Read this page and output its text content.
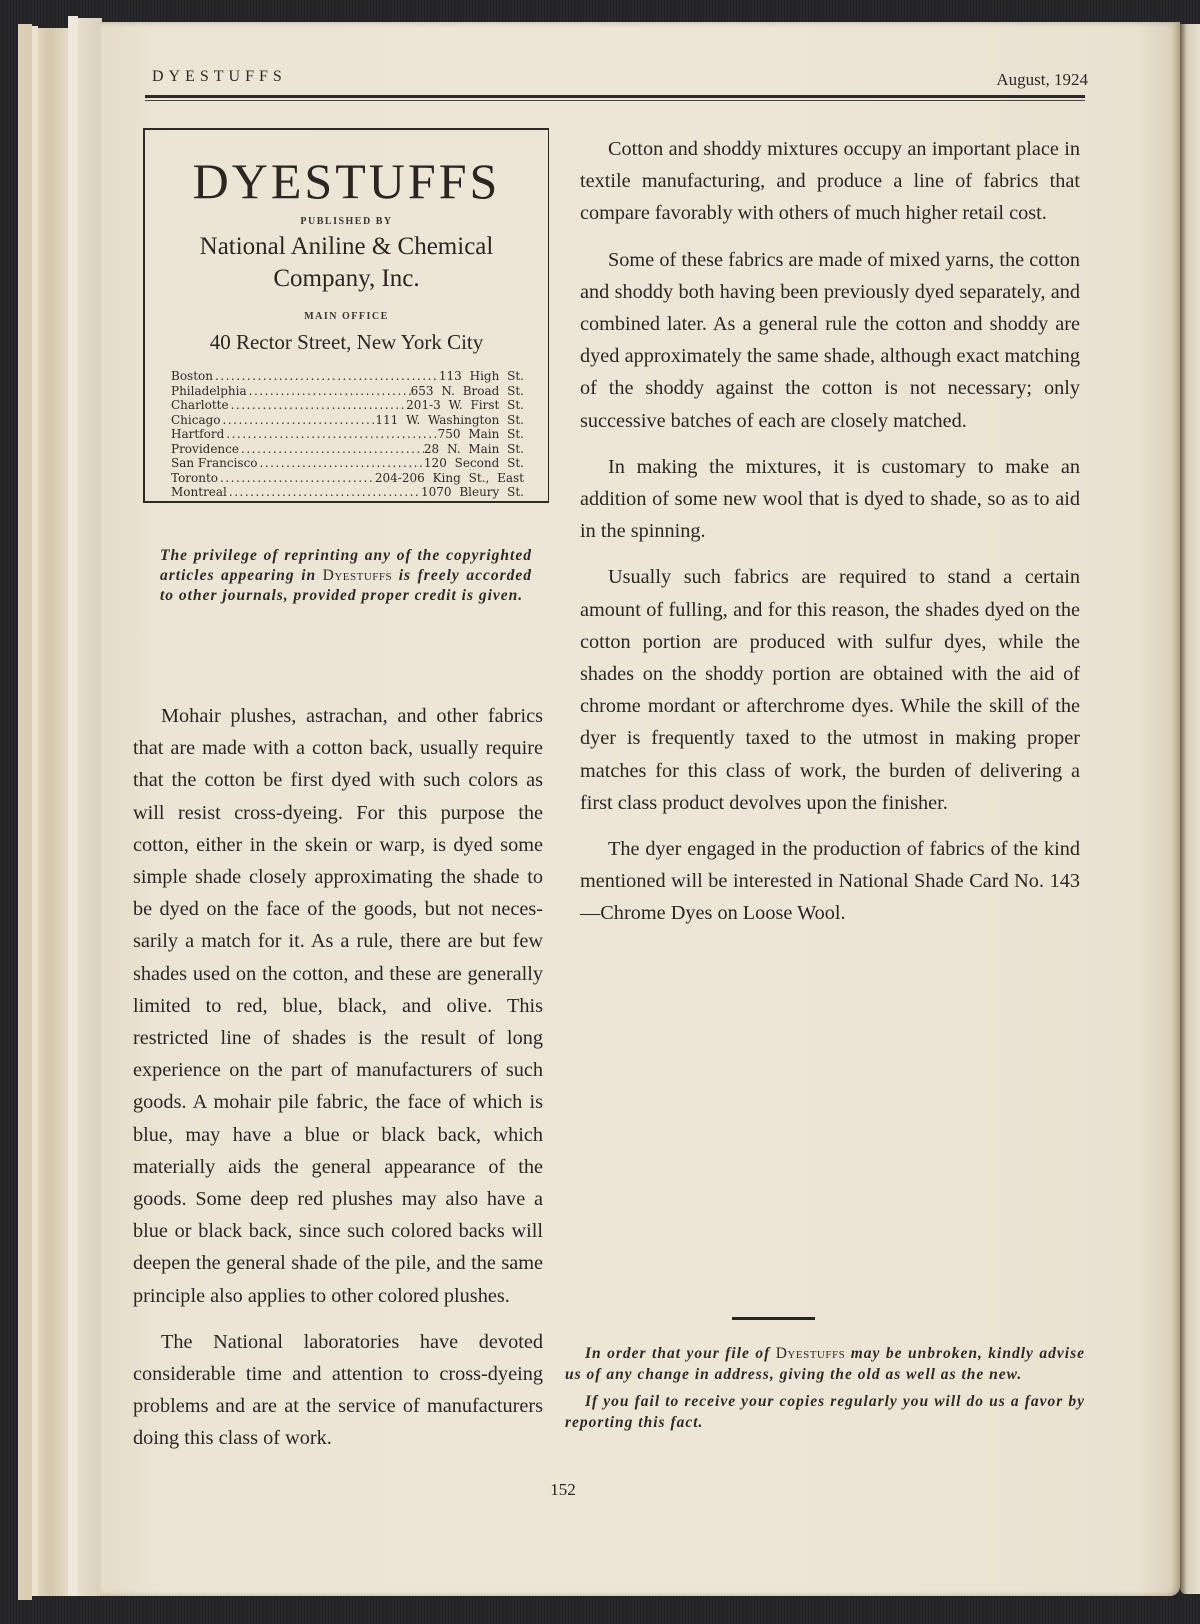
DYESTUFFS	August, 1924
DYESTUFFS
PUBLISHED BY
National Aniline & Chemical
Company, Inc.
MAIN OFFICE
40 Rector Street, New York City
Boston .....	113 High St.
Philadelphia .....	653 N. Broad St.
Charlotte .....	201-3 W. First St.
Chicago .....	111 W. Washington St.
Hartford .....	750 Main St.
Providence .....	28 N. Main St.
San Francisco .....	120 Second St.
Toronto .....	204-206 King St., East
Montreal .....	1070 Bleury St.
The privilege of reprinting any of the copyrighted articles appearing in Dyestuffs is freely accorded to other journals, provided proper credit is given.

Mohair plushes, astrachan, and other fabrics that are made with a cotton back, usually require that the cotton be first dyed with such colors as will resist cross-dyeing. For this purpose the cotton, either in the skein or warp, is dyed some simple shade closely approximating the shade to be dyed on the face of the goods, but not necessarily a match for it. As a rule, there are but few shades used on the cotton, and these are generally limited to red, blue, black, and olive. This restricted line of shades is the result of long experience on the part of manufacturers of such goods. A mohair pile fabric, the face of which is blue, may have a blue or black back, which materially aids the general appearance of the goods. Some deep red plushes may also have a blue or black back, since such colored backs will deepen the general shade of the pile, and the same principle also applies to other colored plushes.

The National laboratories have devoted considerable time and attention to cross-dyeing problems and are at the service of manufacturers doing this class of work.

Cotton and shoddy mixtures occupy an important place in textile manufacturing, and produce a line of fabrics that compare favorably with others of much higher retail cost.

Some of these fabrics are made of mixed yarns, the cotton and shoddy both having been previously dyed separately, and combined later. As a general rule the cotton and shoddy are dyed approximately the same shade, although exact matching of the shoddy against the cotton is not necessary; only successive batches of each are closely matched.

In making the mixtures, it is customary to make an addition of some new wool that is dyed to shade, so as to aid in the spinning.

Usually such fabrics are required to stand a certain amount of fulling, and for this reason, the shades dyed on the cotton portion are produced with sulfur dyes, while the shades on the shoddy portion are obtained with the aid of chrome mordant or afterchrome dyes. While the skill of the dyer is frequently taxed to the utmost in making proper matches for this class of work, the burden of delivering a first class product devolves upon the finisher.

The dyer engaged in the production of fabrics of the kind mentioned will be interested in National Shade Card No. 143 —Chrome Dyes on Loose Wool.

In order that your file of Dyestuffs may be unbroken, kindly advise us of any change in address, giving the old as well as the new.

If you fail to receive your copies regularly you will do us a favor by reporting this fact.

152
